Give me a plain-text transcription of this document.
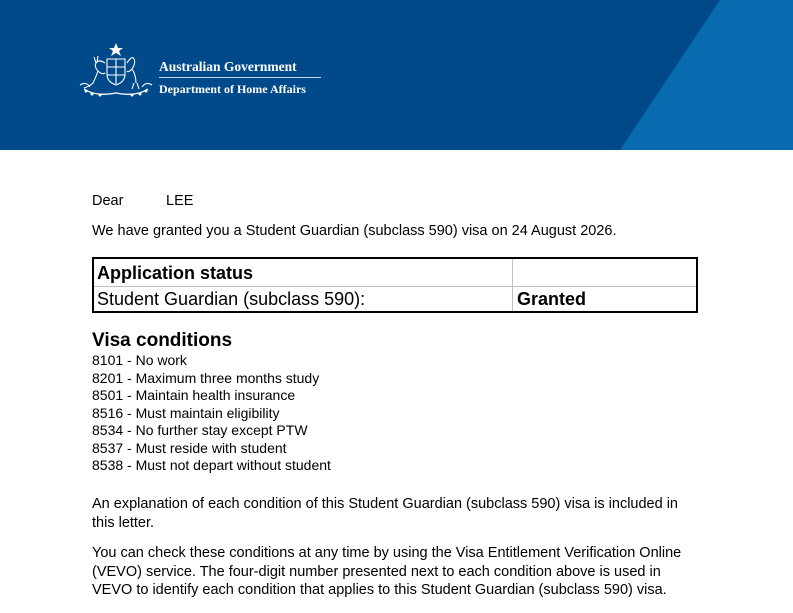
Australian Government
Department of Home Affairs
Dear	LEE
We have granted you a Student Guardian (subclass 590) visa on 24 August 2026.
Application status
Student Guardian (subclass 590):	Granted
Visa conditions
8101 - No work
8201 - Maximum three months study
8501 - Maintain health insurance
8516 - Must maintain eligibility
8534 - No further stay except PTW
8537 - Must reside with student
8538 - Must not depart without student

An explanation of each condition of this Student Guardian (subclass 590) visa is included in this letter.

You can check these conditions at any time by using the Visa Entitlement Verification Online (VEVO) service. The four-digit number presented next to each condition above is used in VEVO to identify each condition that applies to this Student Guardian (subclass 590) visa.
